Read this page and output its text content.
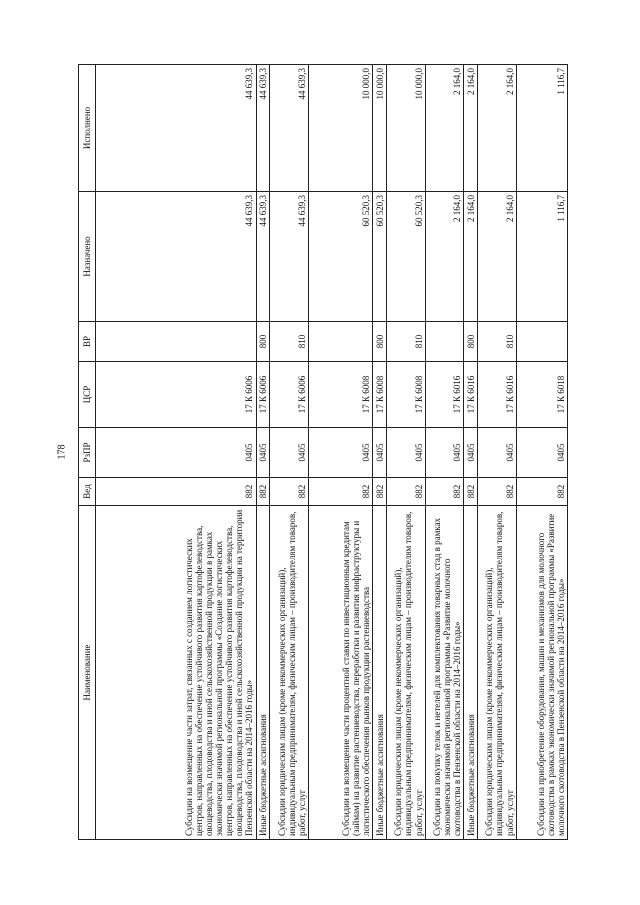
178
Наименование	Вед	РзПР	ЦСР	ВР	Назначено	Исполнено
Субсидии на возмещение части затрат, связанных с созданием логистических центров, направленных на обеспечение устойчивого развития картофелеводства, овощеводства, плодоводства и иной сельскохозяйственной продукции в рамках экономически значимой региональной программы «Создание логистических центров, направленных на обеспечение устойчивого развития картофелеводства, овощеводства, плодоводства и иной сельскохозяйственной продукции на территории Пензенской области на 2014–2016 годы»	882	0405	17 К 6006		44 639,3	44 639,3
Иные бюджетные ассигнования	882	0405	17 К 6006	800	44 639,3	44 639,3
Субсидии юридическим лицам (кроме некоммерческих организаций), индивидуальным предпринимателям, физическим лицам – производителям товаров, работ, услуг	882	0405	17 К 6006	810	44 639,3	44 639,3
Субсидии на возмещение части процентной ставки по инвестиционным кредитам (займам) на развитие растениеводства, переработки и развития инфраструктуры и логистического обеспечения рынков продукции растениеводства	882	0405	17 К 6008		60 520,3	10 000,0
Иные бюджетные ассигнования	882	0405	17 К 6008	800	60 520,3	10 000,0
Субсидии юридическим лицам (кроме некоммерческих организаций), индивидуальным предпринимателям, физическим лицам – производителям товаров, работ, услуг	882	0405	17 К 6008	810	60 520,3	10 000,0
Субсидии на покупку телок и нетелей для комплектования товарных стад в рамках экономически значимой региональной программы «Развитие молочного скотоводства в Пензенской области на 2014–2016 годы»	882	0405	17 К 6016		2 164,0	2 164,0
Иные бюджетные ассигнования	882	0405	17 К 6016	800	2 164,0	2 164,0
Субсидии юридическим лицам (кроме некоммерческих организаций), индивидуальным предпринимателям, физическим лицам – производителям товаров, работ, услуг	882	0405	17 К 6016	810	2 164,0	2 164,0
Субсидии на приобретение оборудования, машин и механизмов для молочного скотоводства в рамках экономически значимой региональной программы «Развитие молочного скотоводства в Пензенской области на 2014–2016 годы»	882	0405	17 К 6018		1 116,7	1 116,7
